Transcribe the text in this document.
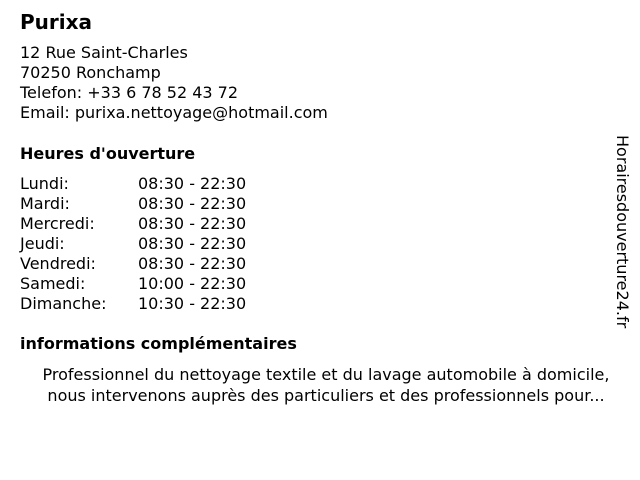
Purixa
12 Rue Saint-Charles
70250 Ronchamp
Telefon: +33 6 78 52 43 72
Email: purixa.nettoyage@hotmail.com
Heures d'ouverture
Lundi:	08:30 - 22:30
Mardi:	08:30 - 22:30
Mercredi:	08:30 - 22:30
Jeudi:	08:30 - 22:30
Vendredi:	08:30 - 22:30
Samedi:	10:00 - 22:30
Dimanche:	10:30 - 22:30
informations complémentaires
Professionnel du nettoyage textile et du lavage automobile à domicile,
nous intervenons auprès des particuliers et des professionnels pour...
Horairesdouverture24.fr
